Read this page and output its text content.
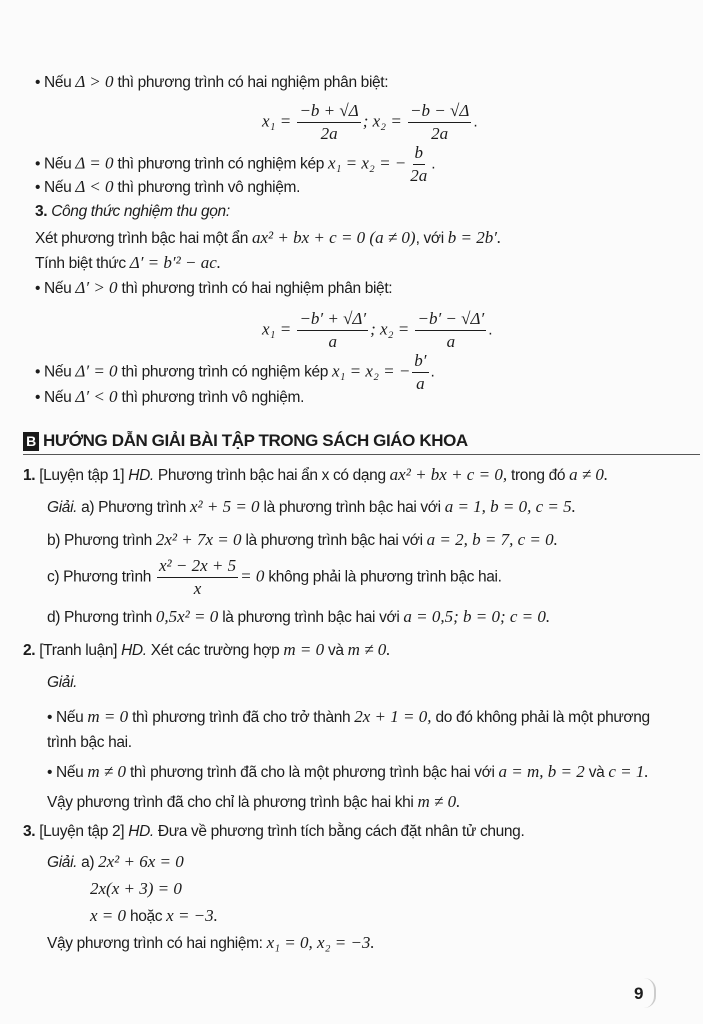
• Nếu Δ > 0 thì phương trình có hai nghiệm phân biệt:
$x_1 = \frac{-b + √\Delta}{2a}$ ; $x_2 = \frac{-b - √\Delta}{2a}$ .
• Nếu Δ = 0 thì phương trình có nghiệm kép x₁ = x₂ = − $\frac{b}{2a}$ .
• Nếu Δ < 0 thì phương trình vô nghiệm.
3. Công thức nghiệm thu gọn:
Xét phương trình bậc hai một ẩn ax² + bx + c = 0 (a ≠ 0), với b = 2b′.
Tính biệt thức Δ′ = b′² − ac.
• Nếu Δ′ > 0 thì phương trình có hai nghiệm phân biệt:
$x_1 = \frac{-b' + √\Delta'}{a}$ ; $x_2 = \frac{-b' - √\Delta'}{a}$ .
• Nếu Δ′ = 0 thì phương trình có nghiệm kép x₁ = x₂ = − $\frac{b'}{a}$ .
• Nếu Δ′ < 0 thì phương trình vô nghiệm.
B HƯỚNG DẪN GIẢI BÀI TẬP TRONG SÁCH GIÁO KHOA
1. [Luyện tập 1] HD. Phương trình bậc hai ẩn x có dạng ax² + bx + c = 0, trong đó a ≠ 0.
Giải. a) Phương trình x² + 5 = 0 là phương trình bậc hai với a = 1, b = 0, c = 5.
b) Phương trình 2x² + 7x = 0 là phương trình bậc hai với a = 2, b = 7, c = 0.
c) Phương trình $\frac{\text{x² − 2x + 5}}{x} = 0$ không phải là phương trình bậc hai.
d) Phương trình 0,5x² = 0 là phương trình bậc hai với a = 0,5; b = 0; c = 0.
2. [Tranh luận] HD. Xét các trường hợp m = 0 và m ≠ 0.
Giải.
• Nếu m = 0 thì phương trình đã cho trở thành 2x + 1 = 0, do đó không phải là một phương
trình bậc hai.
• Nếu m ≠ 0 thì phương trình đã cho là một phương trình bậc hai với a = m, b = 2 và c = 1.
Vậy phương trình đã cho chỉ là phương trình bậc hai khi m ≠ 0.
3. [Luyện tập 2] HD. Đưa về phương trình tích bằng cách đặt nhân tử chung.
Giải. a) 2x² + 6x = 0
2x(x + 3) = 0
x = 0 hoặc x = −3.
Vậy phương trình có hai nghiệm: x₁ = 0, x₂ = −3.
9
